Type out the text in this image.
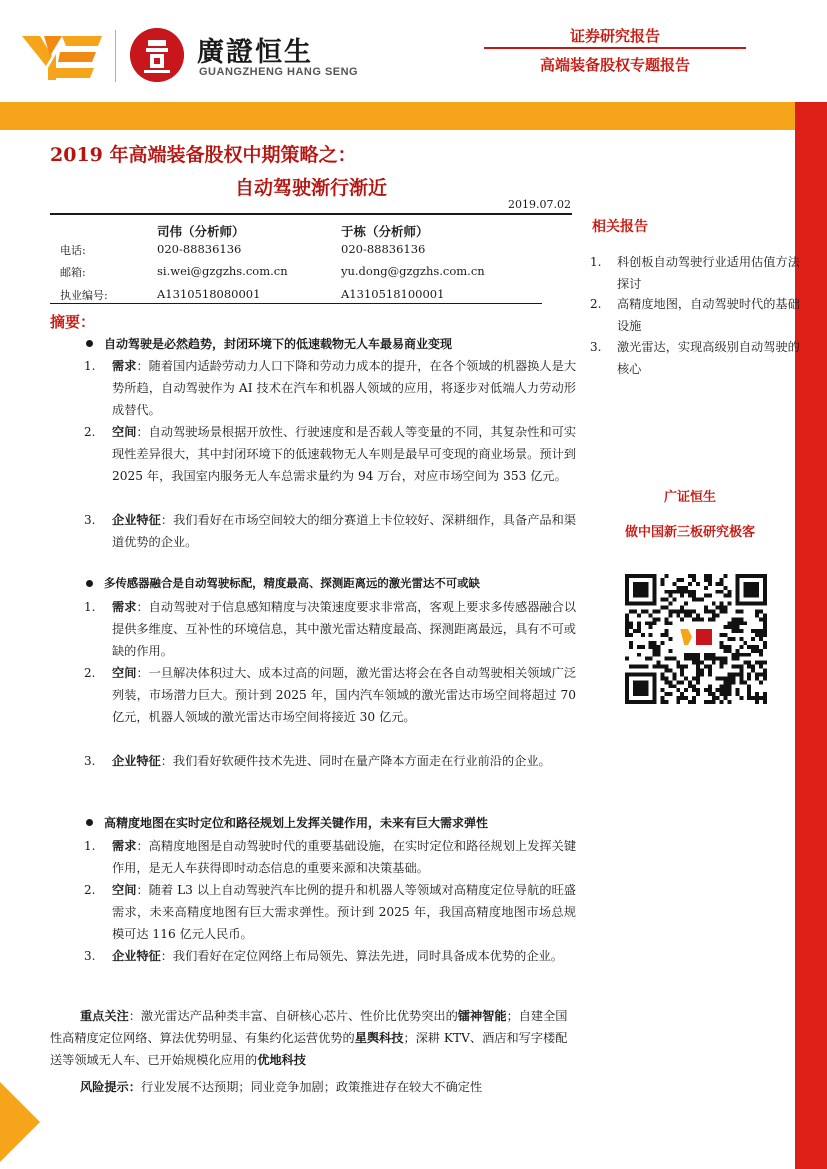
廣證恒生
GUANGZHENG HANG SENG
证券研究报告
高端装备股权专题报告
2019 年高端装备股权中期策略之：
自动驾驶渐行渐近
2019.07.02
司伟（分析师）	于栋（分析师）
电话:	020-88836136	020-88836136
邮箱:	si.wei@gzgzhs.com.cn	yu.dong@gzgzhs.com.cn
执业编号:	A1310518080001	A1310518100001
摘要：
自动驾驶是必然趋势，封闭环境下的低速载物无人车最易商业变现
1. 需求：随着国内适龄劳动力人口下降和劳动力成本的提升，在各个领域的机器换人是大势所趋，自动驾驶作为 AI 技术在汽车和机器人领域的应用，将逐步对低端人力劳动形成替代。
2. 空间：自动驾驶场景根据开放性、行驶速度和是否载人等变量的不同，其复杂性和可实现性差异很大，其中封闭环境下的低速载物无人车则是最早可变现的商业场景。预计到 2025 年，我国室内服务无人车总需求量约为 94 万台，对应市场空间为 353 亿元。
3. 企业特征：我们看好在市场空间较大的细分赛道上卡位较好、深耕细作，具备产品和渠道优势的企业。
多传感器融合是自动驾驶标配，精度最高、探测距离远的激光雷达不可或缺
1. 需求：自动驾驶对于信息感知精度与决策速度要求非常高，客观上要求多传感器融合以提供多维度、互补性的环境信息，其中激光雷达精度最高、探测距离最远，具有不可或缺的作用。
2. 空间：一旦解决体积过大、成本过高的问题，激光雷达将会在各自动驾驶相关领域广泛列装，市场潜力巨大。预计到 2025 年，国内汽车领域的激光雷达市场空间将超过 70 亿元，机器人领域的激光雷达市场空间将接近 30 亿元。
3. 企业特征：我们看好软硬件技术先进、同时在量产降本方面走在行业前沿的企业。
高精度地图在实时定位和路径规划上发挥关键作用，未来有巨大需求弹性
1. 需求：高精度地图是自动驾驶时代的重要基础设施，在实时定位和路径规划上发挥关键作用，是无人车获得即时动态信息的重要来源和决策基础。
2. 空间：随着 L3 以上自动驾驶汽车比例的提升和机器人等领域对高精度定位导航的旺盛需求，未来高精度地图有巨大需求弹性。预计到 2025 年，我国高精度地图市场总规模可达 116 亿元人民币。
3. 企业特征：我们看好在定位网络上布局领先、算法先进，同时具备成本优势的企业。
重点关注：激光雷达产品种类丰富、自研核心芯片、性价比优势突出的镭神智能；自建全国性高精度定位网络、算法优势明显、有集约化运营优势的星舆科技；深耕 KTV、酒店和写字楼配送等领域无人车、已开始规模化应用的优地科技
风险提示：行业发展不达预期；同业竞争加剧；政策推进存在较大不确定性
相关报告
1. 科创板自动驾驶行业适用估值方法探讨
2. 高精度地图，自动驾驶时代的基础设施
3. 激光雷达，实现高级别自动驾驶的核心
广证恒生
做中国新三板研究极客
